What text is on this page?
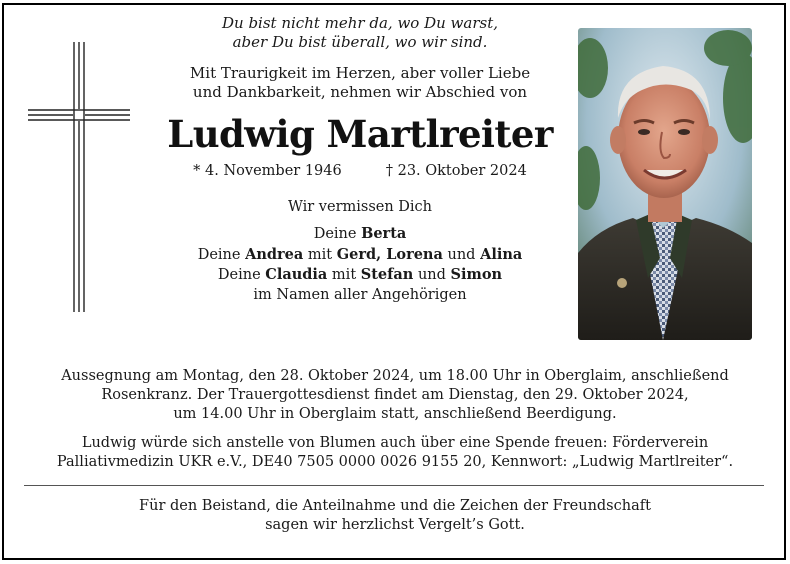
Du bist nicht mehr da, wo Du warst,
aber Du bist überall, wo wir sind.
Mit Traurigkeit im Herzen, aber voller Liebe
und Dankbarkeit, nehmen wir Abschied von
Ludwig Martlreiter
* 4. November 1946	† 23. Oktober 2024
Wir vermissen Dich
Deine Berta
Deine Andrea mit Gerd, Lorena und Alina
Deine Claudia mit Stefan und Simon
im Namen aller Angehörigen
Aussegnung am Montag, den 28. Oktober 2024, um 18.00 Uhr in Oberglaim, anschließend
Rosenkranz. Der Trauergottesdienst findet am Dienstag, den 29. Oktober 2024,
um 14.00 Uhr in Oberglaim statt, anschließend Beerdigung.
Ludwig würde sich anstelle von Blumen auch über eine Spende freuen: Förderverein
Palliativmedizin UKR e.V., DE40 7505 0000 0026 9155 20, Kennwort: „Ludwig Martlreiter“.
Für den Beistand, die Anteilnahme und die Zeichen der Freundschaft
sagen wir herzlichst Vergelt’s Gott.
